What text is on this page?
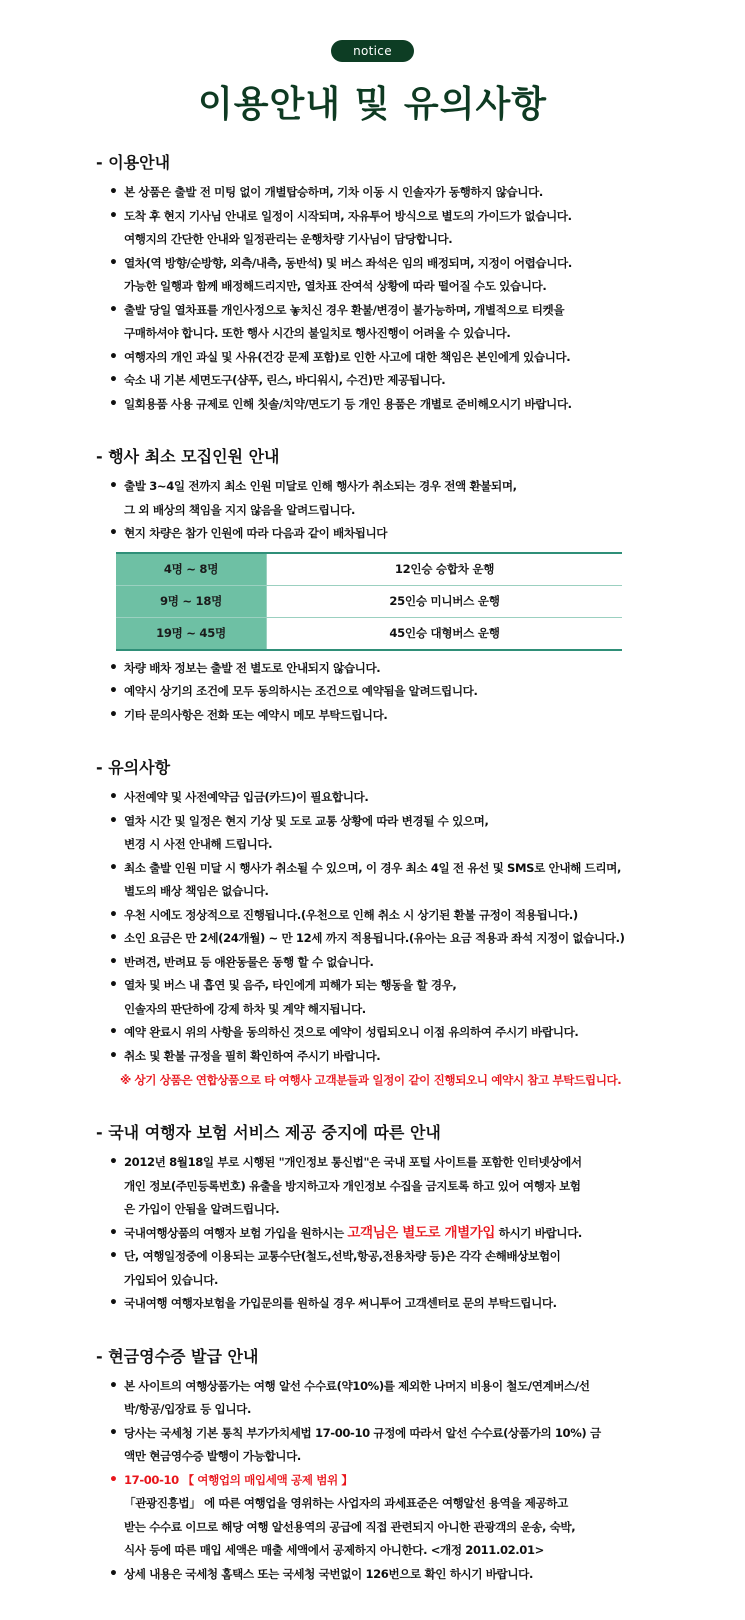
notice
이용안내 및 유의사항
- 이용안내
• 본 상품은 출발 전 미팅 없이 개별탑승하며, 기차 이동 시 인솔자가 동행하지 않습니다.
• 도착 후 현지 기사님 안내로 일정이 시작되며, 자유투어 방식으로 별도의 가이드가 없습니다.
여행지의 간단한 안내와 일정관리는 운행차량 기사님이 담당합니다.
• 열차(역 방향/순방향, 외측/내측, 동반석) 및 버스 좌석은 임의 배정되며, 지정이 어렵습니다.
가능한 일행과 함께 배정해드리지만, 열차표 잔여석 상황에 따라 떨어질 수도 있습니다.
• 출발 당일 열차표를 개인사정으로 놓치신 경우 환불/변경이 불가능하며, 개별적으로 티켓을
구매하셔야 합니다. 또한 행사 시간의 불일치로 행사진행이 어려울 수 있습니다.
• 여행자의 개인 과실 및 사유(건강 문제 포함)로 인한 사고에 대한 책임은 본인에게 있습니다.
• 숙소 내 기본 세면도구(샴푸, 린스, 바디워시, 수건)만 제공됩니다.
• 일회용품 사용 규제로 인해 칫솔/치약/면도기 등 개인 용품은 개별로 준비해오시기 바랍니다.
- 행사 최소 모집인원 안내
• 출발 3~4일 전까지 최소 인원 미달로 인해 행사가 취소되는 경우 전액 환불되며,
그 외 배상의 책임을 지지 않음을 알려드립니다.
• 현지 차량은 참가 인원에 따라 다음과 같이 배차됩니다
4명 ~ 8명	12인승 승합차 운행
9명 ~ 18명	25인승 미니버스 운행
19명 ~ 45명	45인승 대형버스 운행
• 차량 배차 정보는 출발 전 별도로 안내되지 않습니다.
• 예약시 상기의 조건에 모두 동의하시는 조건으로 예약됨을 알려드립니다.
• 기타 문의사항은 전화 또는 예약시 메모 부탁드립니다.
- 유의사항
• 사전예약 및 사전예약금 입금(카드)이 필요합니다.
• 열차 시간 및 일정은 현지 기상 및 도로 교통 상황에 따라 변경될 수 있으며,
변경 시 사전 안내해 드립니다.
• 최소 출발 인원 미달 시 행사가 취소될 수 있으며, 이 경우 최소 4일 전 유선 및 SMS로 안내해 드리며,
별도의 배상 책임은 없습니다.
• 우천 시에도 정상적으로 진행됩니다.(우천으로 인해 취소 시 상기된 환불 규정이 적용됩니다.)
• 소인 요금은 만 2세(24개월) ~ 만 12세 까지 적용됩니다.(유아는 요금 적용과 좌석 지정이 없습니다.)
• 반려견, 반려묘 등 애완동물은 동행 할 수 없습니다.
• 열차 및 버스 내 흡연 및 음주, 타인에게 피해가 되는 행동을 할 경우,
인솔자의 판단하에 강제 하차 및 계약 해지됩니다.
• 예약 완료시 위의 사항을 동의하신 것으로 예약이 성립되오니 이점 유의하여 주시기 바랍니다.
• 취소 및 환불 규정을 필히 확인하여 주시기 바랍니다.
※ 상기 상품은 연합상품으로 타 여행사 고객분들과 일정이 같이 진행되오니 예약시 참고 부탁드립니다.
- 국내 여행자 보험 서비스 제공 중지에 따른 안내
• 2012년 8월18일 부로 시행된 "개인정보 통신법"은 국내 포털 사이트를 포함한 인터넷상에서
개인 정보(주민등록번호) 유출을 방지하고자 개인정보 수집을 금지토록 하고 있어 여행자 보험
은 가입이 안됨을 알려드립니다.
• 국내여행상품의 여행자 보험 가입을 원하시는 고객님은 별도로 개별가입 하시기 바랍니다.
• 단, 여행일정중에 이용되는 교통수단(철도,선박,항공,전용차량 등)은 각각 손해배상보험이
가입되어 있습니다.
• 국내여행 여행자보험을 가입문의를 원하실 경우 써니투어 고객센터로 문의 부탁드립니다.
- 현금영수증 발급 안내
• 본 사이트의 여행상품가는 여행 알선 수수료(약10%)를 제외한 나머지 비용이 철도/연계버스/선
박/항공/입장료 등 입니다.
• 당사는 국세청 기본 통칙 부가가치세법 17-00-10 규정에 따라서 알선 수수료(상품가의 10%) 금
액만 현금영수증 발행이 가능합니다.
• 17-00-10 【 여행업의 매입세액 공제 범위 】
「관광진흥법」 에 따른 여행업을 영위하는 사업자의 과세표준은 여행알선 용역을 제공하고
받는 수수료 이므로 해당 여행 알선용역의 공급에 직접 관련되지 아니한 관광객의 운송, 숙박,
식사 등에 따른 매입 세액은 매출 세액에서 공제하지 아니한다. <개정 2011.02.01>
• 상세 내용은 국세청 홈택스 또는 국세청 국번없이 126번으로 확인 하시기 바랍니다.
